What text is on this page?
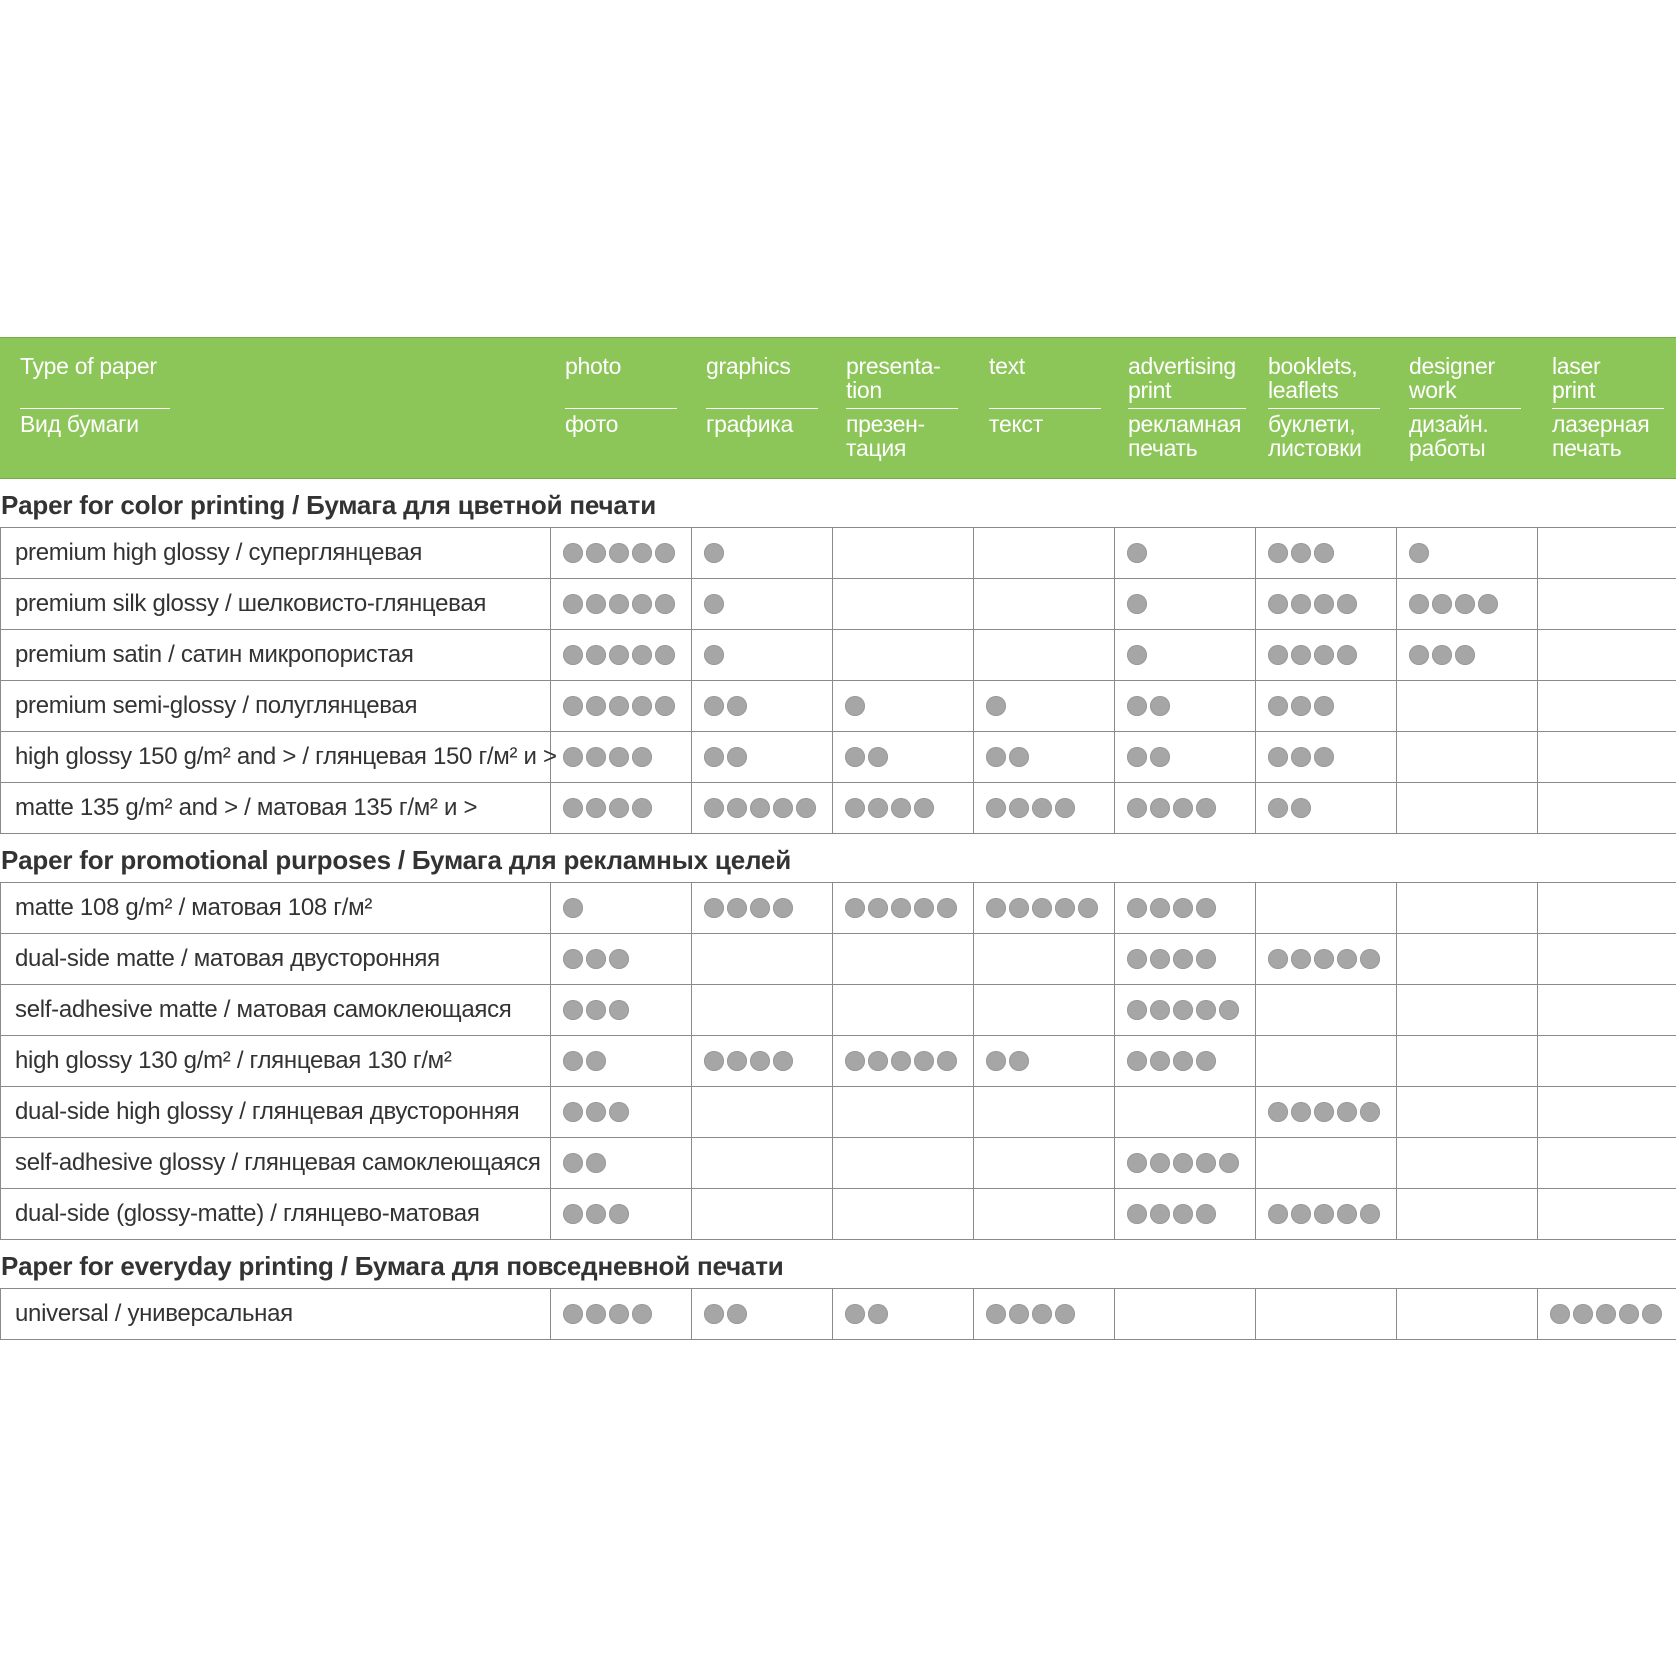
Type of paper
Вид бумаги
photo
фото
graphics
графика
presenta-
tion
презен-
тация
text
текст
advertising
print
рекламная
печать
booklets,
leaflets
буклети,
листовки
designer
work
дизайн.
работы
laser
print
лазерная
печать
Paper for color printing / Бумага для цветной печати
premium high glossy / суперглянцевая
premium silk glossy / шелковисто-глянцевая
premium satin / сатин микропористая
premium semi-glossy / полуглянцевая
high glossy 150 g/m² and > / глянцевая 150 г/м² и >
matte 135 g/m² and > / матовая 135 г/м² и >
Paper for promotional purposes / Бумага для рекламных целей
matte 108 g/m² / матовая 108 г/м²
dual-side matte / матовая двусторонняя
self-adhesive matte / матовая самоклеющаяся
high glossy 130 g/m² / глянцевая 130 г/м²
dual-side high glossy / глянцевая двусторонняя
self-adhesive glossy / глянцевая самоклеющаяся
dual-side (glossy-matte) / глянцево-матовая
Paper for everyday printing / Бумага для повседневной печати
universal / универсальная
